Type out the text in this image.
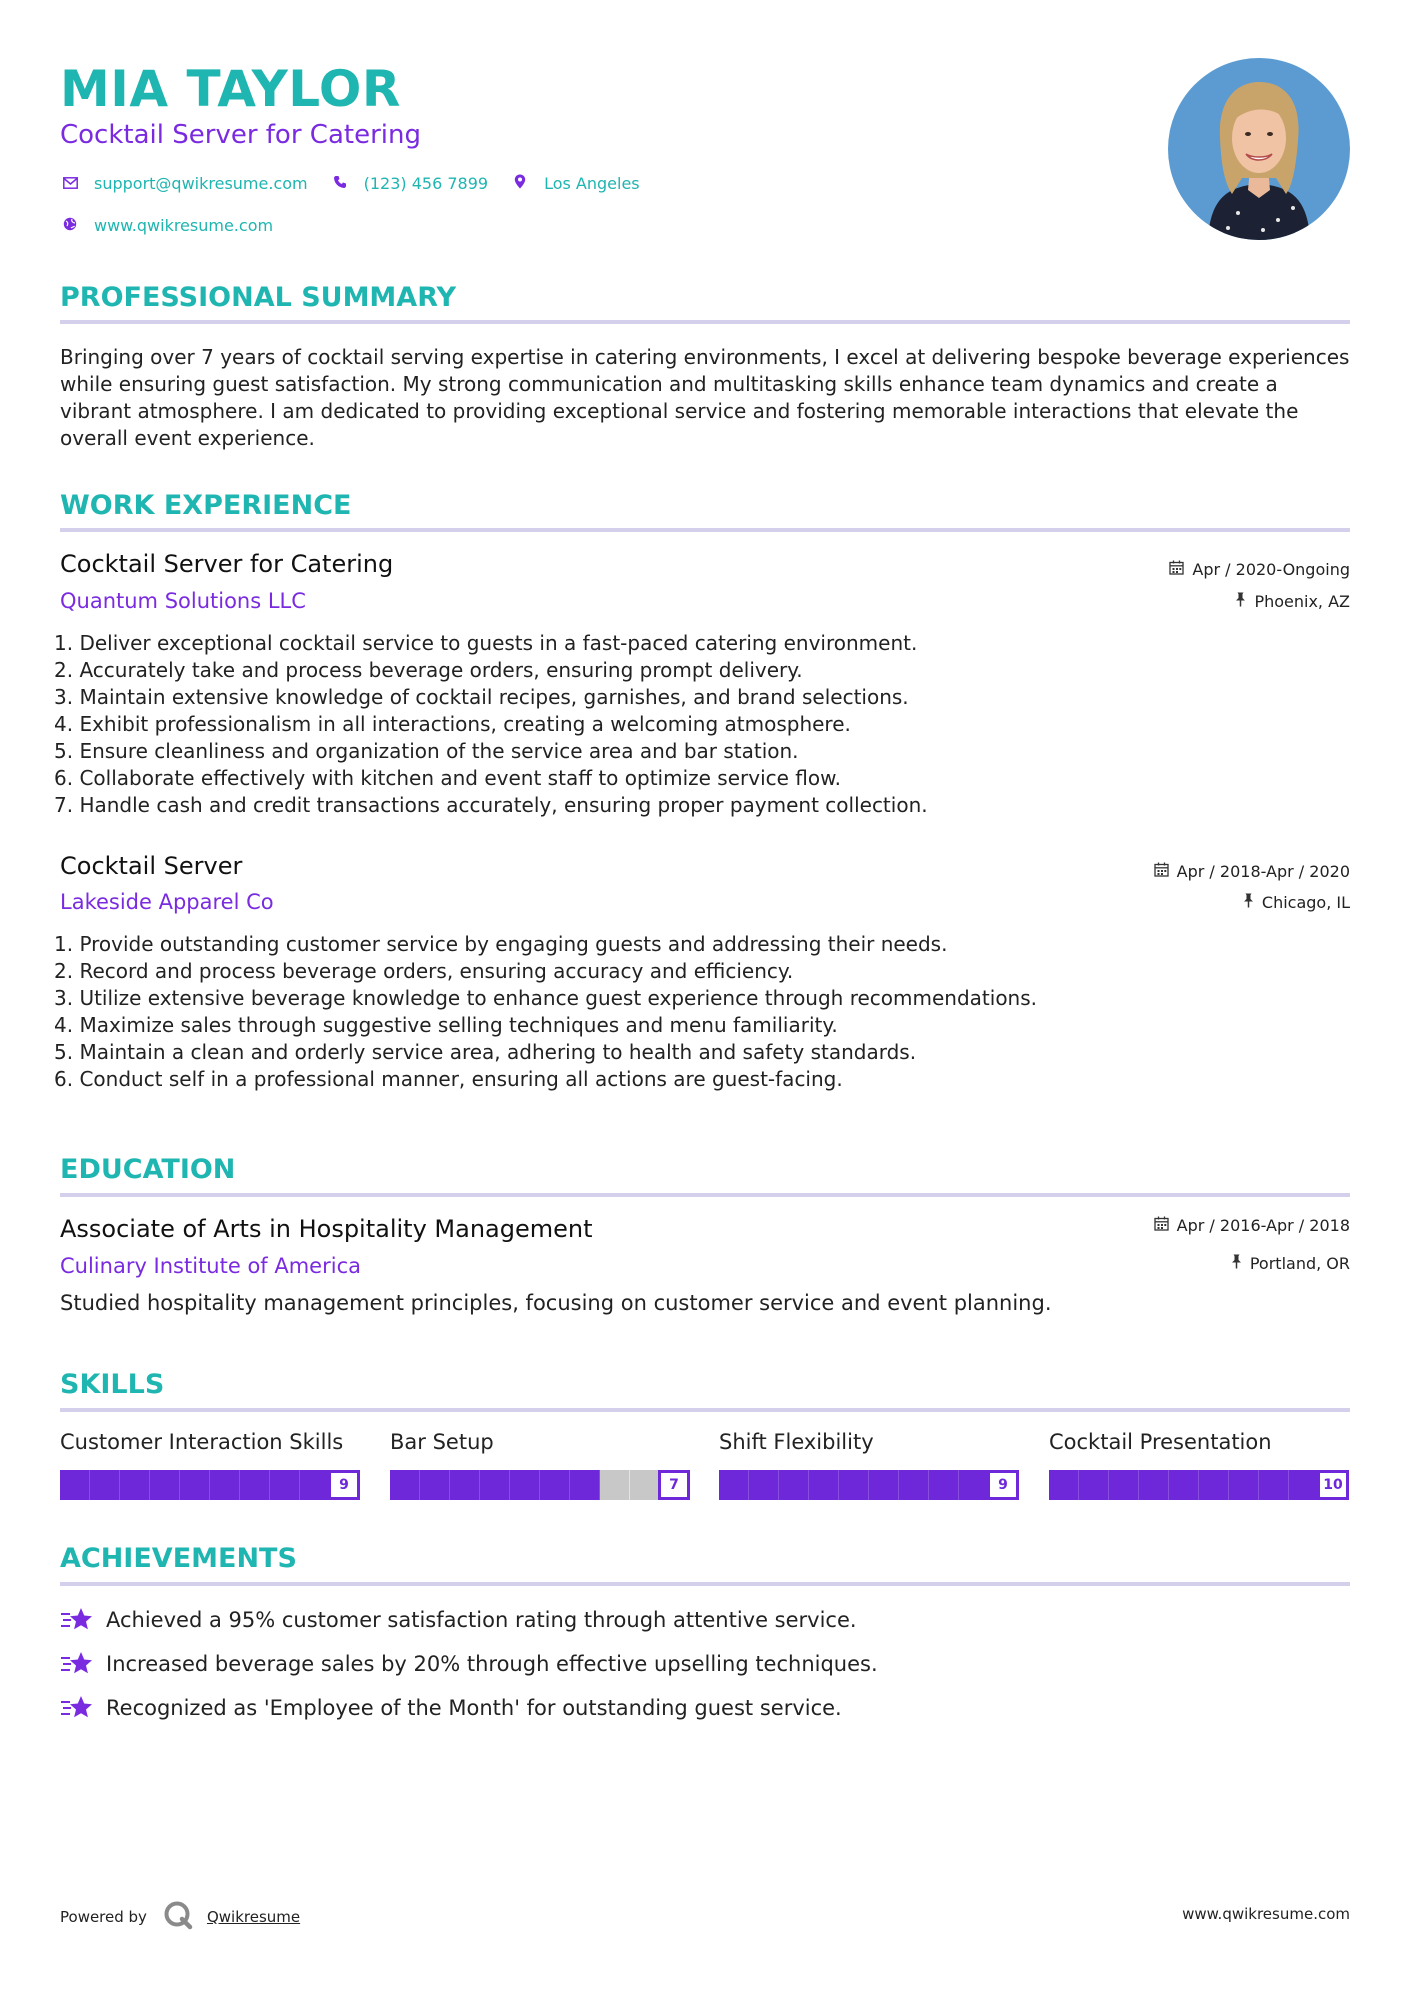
MIA TAYLOR
Cocktail Server for Catering
support@qwikresume.com	(123) 456 7899	Los Angeles
www.qwikresume.com
PROFESSIONAL SUMMARY
Bringing over 7 years of cocktail serving expertise in catering environments, I excel at delivering bespoke beverage experiences while ensuring guest satisfaction. My strong communication and multitasking skills enhance team dynamics and create a vibrant atmosphere. I am dedicated to providing exceptional service and fostering memorable interactions that elevate the overall event experience.
WORK EXPERIENCE
Cocktail Server for Catering
Quantum Solutions LLC
Apr / 2020-Ongoing
Phoenix, AZ
1. Deliver exceptional cocktail service to guests in a fast-paced catering environment.
2. Accurately take and process beverage orders, ensuring prompt delivery.
3. Maintain extensive knowledge of cocktail recipes, garnishes, and brand selections.
4. Exhibit professionalism in all interactions, creating a welcoming atmosphere.
5. Ensure cleanliness and organization of the service area and bar station.
6. Collaborate effectively with kitchen and event staff to optimize service flow.
7. Handle cash and credit transactions accurately, ensuring proper payment collection.
Cocktail Server
Lakeside Apparel Co
Apr / 2018-Apr / 2020
Chicago, IL
1. Provide outstanding customer service by engaging guests and addressing their needs.
2. Record and process beverage orders, ensuring accuracy and efficiency.
3. Utilize extensive beverage knowledge to enhance guest experience through recommendations.
4. Maximize sales through suggestive selling techniques and menu familiarity.
5. Maintain a clean and orderly service area, adhering to health and safety standards.
6. Conduct self in a professional manner, ensuring all actions are guest-facing.
EDUCATION
Associate of Arts in Hospitality Management
Culinary Institute of America
Apr / 2016-Apr / 2018
Portland, OR
Studied hospitality management principles, focusing on customer service and event planning.
SKILLS
Customer Interaction Skills
9
Bar Setup
7
Shift Flexibility
9
Cocktail Presentation
10
ACHIEVEMENTS
Achieved a 95% customer satisfaction rating through attentive service.
Increased beverage sales by 20% through effective upselling techniques.
Recognized as 'Employee of the Month' for outstanding guest service.
Powered by	Qwikresume	www.qwikresume.com
